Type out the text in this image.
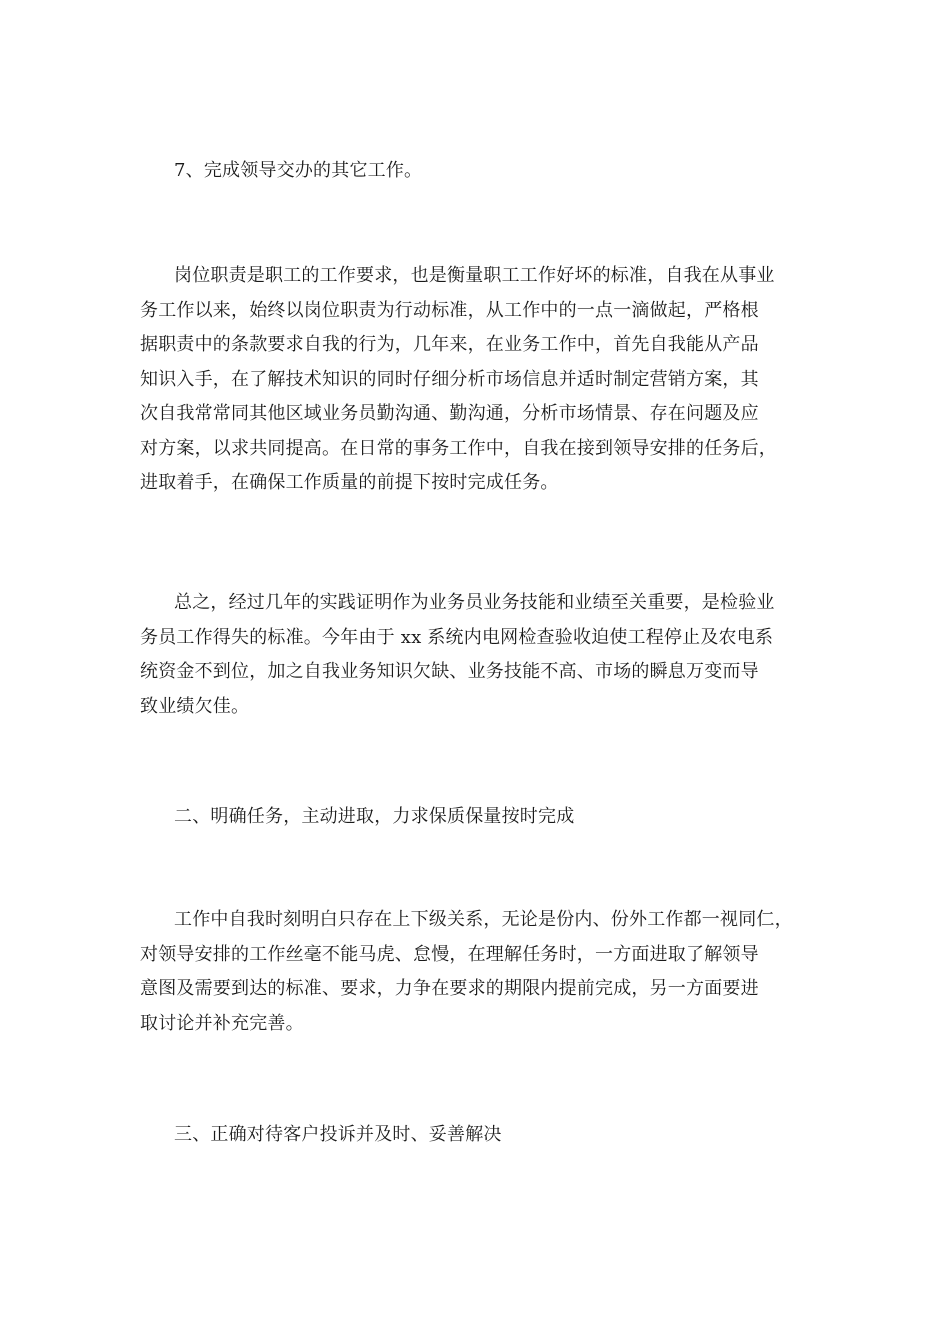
7、完成领导交办的其它工作。

岗位职责是职工的工作要求，也是衡量职工工作好坏的标准，自我在从事业

务工作以来，始终以岗位职责为行动标准，从工作中的一点一滴做起，严格根

据职责中的条款要求自我的行为，几年来，在业务工作中，首先自我能从产品

知识入手，在了解技术知识的同时仔细分析市场信息并适时制定营销方案，其

次自我常常同其他区域业务员勤沟通、勤沟通，分析市场情景、存在问题及应

对方案，以求共同提高。在日常的事务工作中，自我在接到领导安排的任务后，

进取着手，在确保工作质量的前提下按时完成任务。

总之，经过几年的实践证明作为业务员业务技能和业绩至关重要，是检验业

务员工作得失的标准。今年由于 xx 系统内电网检查验收迫使工程停止及农电系

统资金不到位，加之自我业务知识欠缺、业务技能不高、市场的瞬息万变而导

致业绩欠佳。

二、明确任务，主动进取，力求保质保量按时完成

工作中自我时刻明白只存在上下级关系，无论是份内、份外工作都一视同仁，

对领导安排的工作丝毫不能马虎、怠慢，在理解任务时，一方面进取了解领导

意图及需要到达的标准、要求，力争在要求的期限内提前完成，另一方面要进

取讨论并补充完善。

三、正确对待客户投诉并及时、妥善解决
